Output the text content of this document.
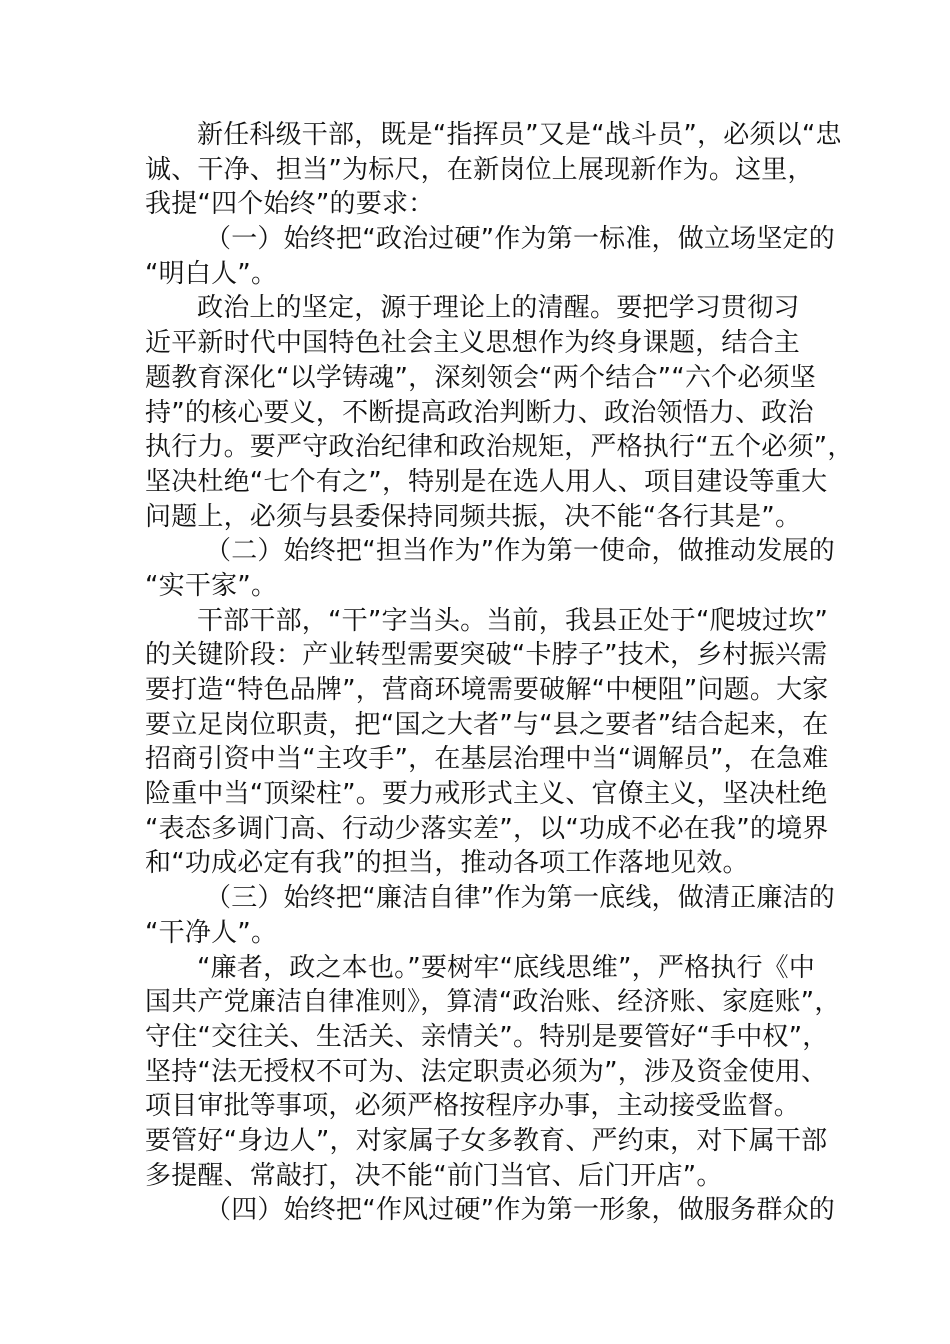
新任科级干部，既是“指挥员”又是“战斗员”，必须以“忠
诚、干净、担当”为标尺，在新岗位上展现新作为。这里，
我提“四个始终”的要求：
（一）始终把“政治过硬”作为第一标准，做立场坚定的
“明白人”。
政治上的坚定，源于理论上的清醒。要把学习贯彻习
近平新时代中国特色社会主义思想作为终身课题，结合主
题教育深化“以学铸魂”，深刻领会“两个结合”“六个必须坚
持”的核心要义，不断提高政治判断力、政治领悟力、政治
执行力。要严守政治纪律和政治规矩，严格执行“五个必须”，
坚决杜绝“七个有之”，特别是在选人用人、项目建设等重大
问题上，必须与县委保持同频共振，决不能“各行其是”。
（二）始终把“担当作为”作为第一使命，做推动发展的
“实干家”。
干部干部，“干”字当头。当前，我县正处于“爬坡过坎”
的关键阶段：产业转型需要突破“卡脖子”技术，乡村振兴需
要打造“特色品牌”，营商环境需要破解“中梗阻”问题。大家
要立足岗位职责，把“国之大者”与“县之要者”结合起来，在
招商引资中当“主攻手”，在基层治理中当“调解员”，在急难
险重中当“顶梁柱”。要力戒形式主义、官僚主义，坚决杜绝
“表态多调门高、行动少落实差”，以“功成不必在我”的境界
和“功成必定有我”的担当，推动各项工作落地见效。
（三）始终把“廉洁自律”作为第一底线，做清正廉洁的
“干净人”。
“廉者，政之本也。”要树牢“底线思维”，严格执行《中
国共产党廉洁自律准则》，算清“政治账、经济账、家庭账”，
守住“交往关、生活关、亲情关”。特别是要管好“手中权”，
坚持“法无授权不可为、法定职责必须为”，涉及资金使用、
项目审批等事项，必须严格按程序办事，主动接受监督。
要管好“身边人”，对家属子女多教育、严约束，对下属干部
多提醒、常敲打，决不能“前门当官、后门开店”。
（四）始终把“作风过硬”作为第一形象，做服务群众的
